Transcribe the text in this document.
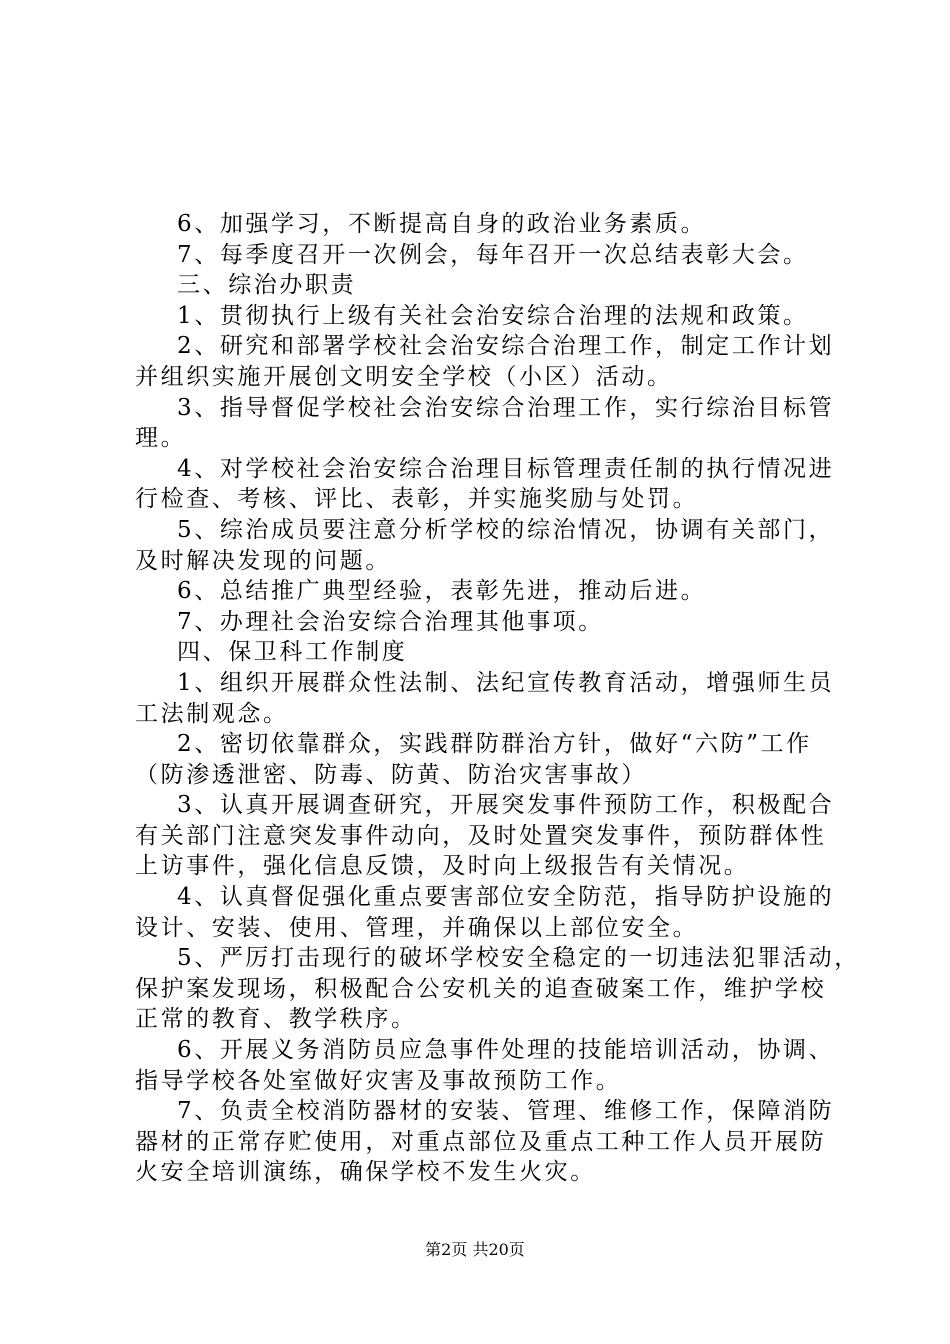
6、加强学习，不断提高自身的政治业务素质。
7、每季度召开一次例会，每年召开一次总结表彰大会。
三、综治办职责
1、贯彻执行上级有关社会治安综合治理的法规和政策。
2、研究和部署学校社会治安综合治理工作，制定工作计划
并组织实施开展创文明安全学校（小区）活动。
3、指导督促学校社会治安综合治理工作，实行综治目标管
理。
4、对学校社会治安综合治理目标管理责任制的执行情况进
行检查、考核、评比、表彰，并实施奖励与处罚。
5、综治成员要注意分析学校的综治情况，协调有关部门，
及时解决发现的问题。
6、总结推广典型经验，表彰先进，推动后进。
7、办理社会治安综合治理其他事项。
四、保卫科工作制度
1、组织开展群众性法制、法纪宣传教育活动，增强师生员
工法制观念。
2、密切依靠群众，实践群防群治方针，做好“六防”工作
（防渗透泄密、防毒、防黄、防治灾害事故）
3、认真开展调查研究，开展突发事件预防工作，积极配合
有关部门注意突发事件动向，及时处置突发事件，预防群体性
上访事件，强化信息反馈，及时向上级报告有关情况。
4、认真督促强化重点要害部位安全防范，指导防护设施的
设计、安装、使用、管理，并确保以上部位安全。
5、严厉打击现行的破坏学校安全稳定的一切违法犯罪活动，
保护案发现场，积极配合公安机关的追查破案工作，维护学校
正常的教育、教学秩序。
6、开展义务消防员应急事件处理的技能培训活动，协调、
指导学校各处室做好灾害及事故预防工作。
7、负责全校消防器材的安装、管理、维修工作，保障消防
器材的正常存贮使用，对重点部位及重点工种工作人员开展防
火安全培训演练，确保学校不发生火灾。
第2页 共20页
